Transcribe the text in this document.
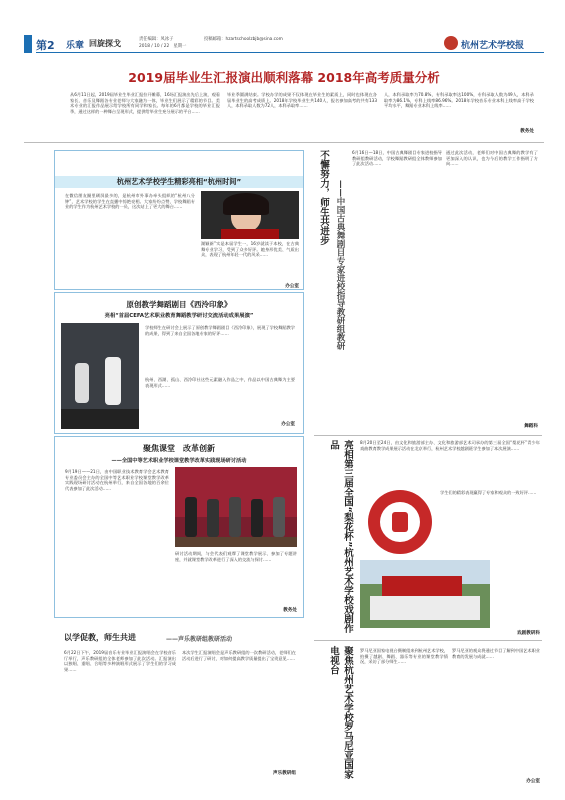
第2 乐章 回旋探戈	责任编辑：凤冰子
2018 / 10 / 22　星期一
投稿邮箱：hzartschoolzbjb@sina.com
杭州艺术学校报
2019届毕业生汇报演出顺利落幕 2018年高考质量分析
从6月11日起，2019届毕业生毕业汇报拉开帷幕，16场汇报演出先后上演，观看家长、音乐及舞蹈各专业老师与大家融为一体，毕业生们展示了精彩的节目。美术专业的汇报作品展示给学校所有同学和家长。每年的6月都是学校的毕业汇报季，通过这样的一种舞台呈现形式，提供给毕业生充分展示的平台……
毕业季圆满结束。学校办学的成果不仅体现在毕业生的素质上，同时也体现在各届毕业生的高考成绩上。2018年学校毕业生共140人，报名参加高考的共有133人，本科录取人数为72人，本科录取率……
人，本科录取率为70.8%，专科录取率达100%，专科录取人数为49人，本科录取率为86.1%，专科上线率86.96%。2018年学校音乐专业本科上线率高于学校平均水平，舞蹈专业本科上线率……
教务处
杭州艺术学校学生精彩亮相“杭州时间”
在微信朋友圈里刷屏最多的，是杭州市外事办牵头组织的“杭州八分钟”，艺术学校的学生在直播中惊艳亮相。大家纷纷点赞，学校舞蹈专业的学生作为杭州艺术学校的一员，这次站上了更大的舞台……
湖颖新”实是本届学生一，16岁就读于本校，在古典舞专业学习，受到了众多好评。她身形优美、气质出众，表现了杭州年轻一代的风采……
办公室
原创教学舞蹈剧目《西泠印象》
亮相“首届CEFA艺术职业教育舞蹈教学研讨交流活动成果展演”
学校师生在研讨会上展示了原创教学舞蹈剧目《西泠印象》，展现了学校舞蹈教学的成果，得到了来自全国各地专家的好评……
杭州、西湖、孤山、西泠印社这些元素融入作品之中，作品以中国古典舞为主要表现形式……
办公室
聚焦课堂　改革创新
——全国中等艺术职业学校课堂教学改革实践现场研讨活动
9月19日——21日，由中国职业技术教育学会艺术教育专业委员会主办的全国中等艺术职业学校课堂教学改革实践现场研讨活动在杭州举行，来自全国各地的百余位代表参加了此次活动……
研讨活动期间，与会代表们观摩了课堂教学展示、参加了专题讲座，并就课堂教学改革进行了深入的交流与探讨……
教务处
以学促教，师生共进	——声乐教研组教研活动
6月22日下午，2019届音乐专业毕业汇报演唱会在学校音乐厅举行，声乐教研组的全体老师参加了此次活动。汇报演出以独唱、重唱、合唱等多种演唱形式展示了学生们的学习成果……
本次学生汇报演唱会是声乐教研组的一次教研活动，老师们在活动后进行了研讨，对如何提高教学质量提出了宝贵意见……
声乐教研组
不懈努力，师生共进步 ——中国古典舞剧目专家进校指导教研组教研
6月16日—18日，中国古典舞剧目专家进校指导教研组教研活动，学校舞蹈教研组全体教师参加了此次活动……
通过此次活动，老师们对中国古典舞的教学有了更加深入的认识，也为今后的教学工作指明了方向……
舞蹈科
亮相第三届全国“梨花杯”杭州艺术学校戏剧作品	8月20日至24日，由文化和旅游部主办、文化和旅游部艺术司承办的第三届全国“梨花杯”青少年戏曲教育教学成果展示活动在北京举行，杭州艺术学校越剧班学生参加了本次展演……
学生们的精彩表现赢得了专家和观众的一致好评……
戏剧教研科
聚焦杭州艺术学校罗马尼亚国家电视台	罗马尼亚国家电视台摄制组来到杭州艺术学校，拍摄了越剧、舞蹈、器乐等专业的课堂教学情况，采访了部分师生……
罗马尼亚的观众将通过节目了解到中国艺术职业教育的发展与成就……
办公室
